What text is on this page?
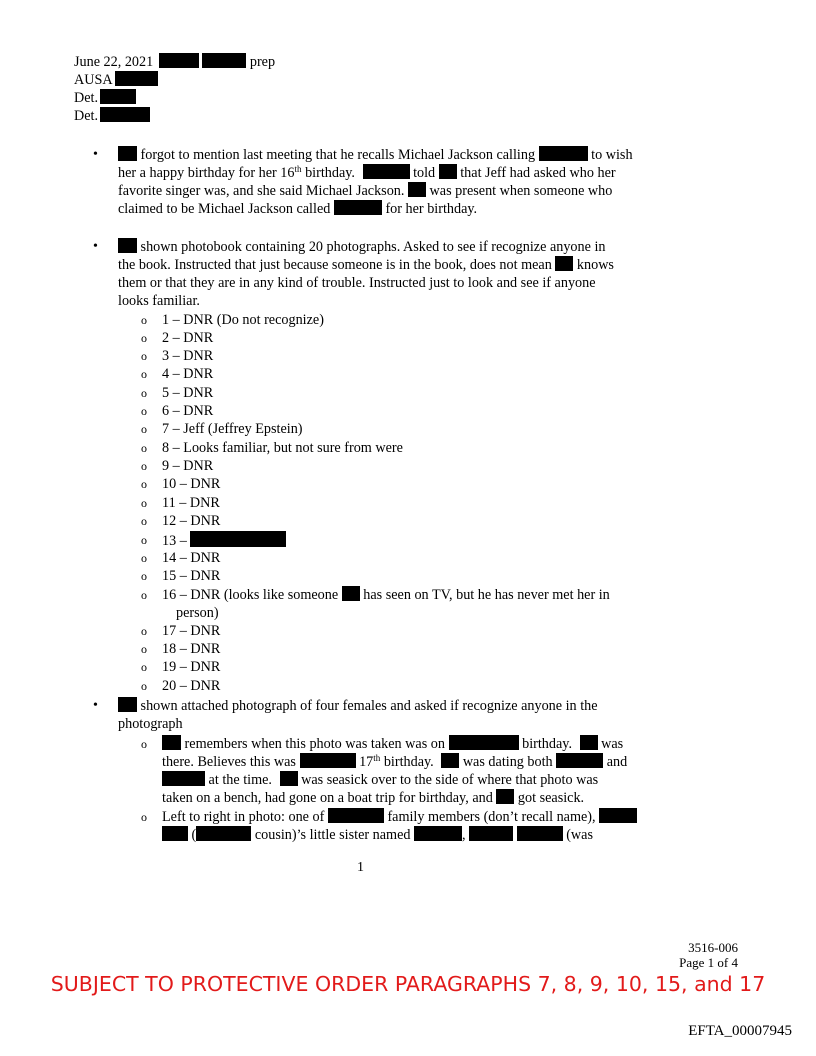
June 22, 2021	prep
AUSA
Det.
Det.
•	forgot to mention last meeting that he recalls Michael Jackson calling	to wish
her a happy birthday for her 16th birthday.	told that Jeff had asked who her
favorite singer was, and she said Michael Jackson. was present when someone who
claimed to be Michael Jackson called	for her birthday.
•	shown photobook containing 20 photographs. Asked to see if recognize anyone in
the book. Instructed that just because someone is in the book, does not mean knows
them or that they are in any kind of trouble. Instructed just to look and see if anyone
looks familiar.
o 1 – DNR (Do not recognize)
o 2 – DNR
o 3 – DNR
o 4 – DNR
o 5 – DNR
o 6 – DNR
o 7 – Jeff (Jeffrey Epstein)
o 8 – Looks familiar, but not sure from were
o 9 – DNR
o 10 – DNR
o 11 – DNR
o 12 – DNR
o 13 –
o 14 – DNR
o 15 – DNR
o 16 – DNR (looks like someone has seen on TV, but he has never met her in
person)
o 17 – DNR
o 18 – DNR
o 19 – DNR
o 20 – DNR
•	shown attached photograph of four females and asked if recognize anyone in the
photograph
o	remembers when this photo was taken was on	birthday. was
there. Believes this was	17th birthday. was dating both	and
at the time. was seasick over to the side of where that photo was
taken on a bench, had gone on a boat trip for birthday, and got seasick.
o Left to right in photo: one of	family members (don’t recall name),
(	cousin)’s little sister named	,	(was
1
3516-006
Page 1 of 4
SUBJECT TO PROTECTIVE ORDER PARAGRAPHS 7, 8, 9, 10, 15, and 17
EFTA_00007945
